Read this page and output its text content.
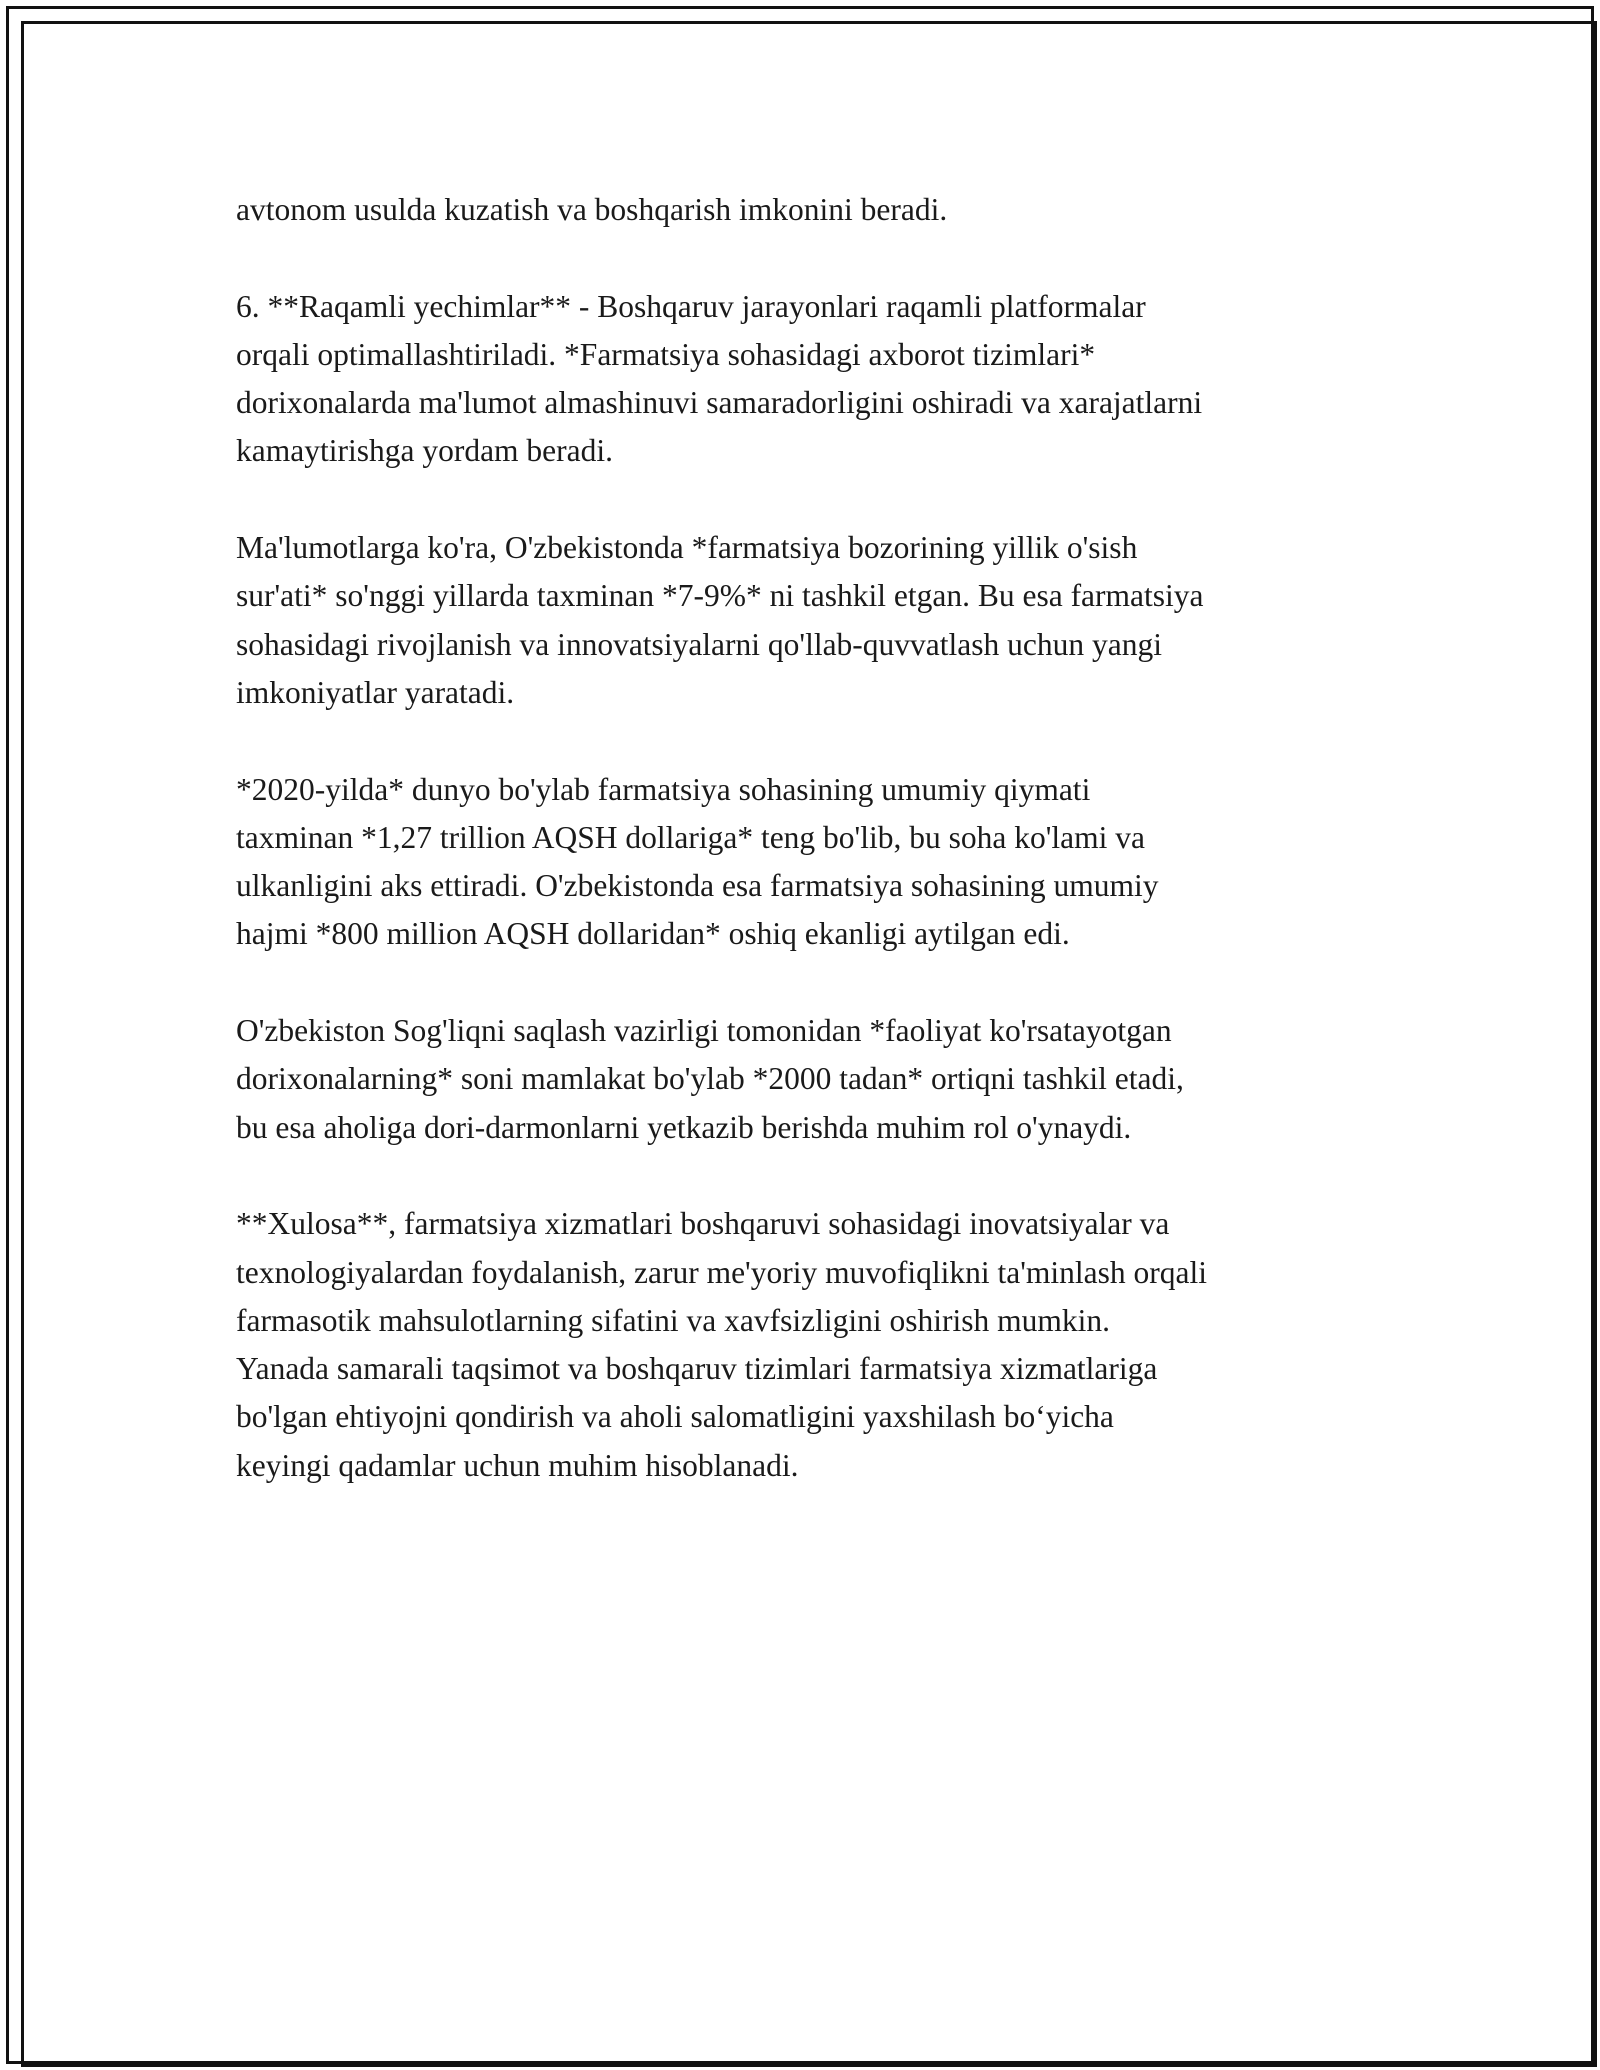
avtonom usulda kuzatish va boshqarish imkonini beradi.

6. **Raqamli yechimlar** - Boshqaruv jarayonlari raqamli platformalar
orqali optimallashtiriladi. *Farmatsiya sohasidagi axborot tizimlari*
dorixonalarda ma'lumot almashinuvi samaradorligini oshiradi va xarajatlarni
kamaytirishga yordam beradi.

Ma'lumotlarga ko'ra, O'zbekistonda *farmatsiya bozorining yillik o'sish
sur'ati* so'nggi yillarda taxminan *7-9%* ni tashkil etgan. Bu esa farmatsiya
sohasidagi rivojlanish va innovatsiyalarni qo'llab-quvvatlash uchun yangi
imkoniyatlar yaratadi.

*2020-yilda* dunyo bo'ylab farmatsiya sohasining umumiy qiymati
taxminan *1,27 trillion AQSH dollariga* teng bo'lib, bu soha ko'lami va
ulkanligini aks ettiradi. O'zbekistonda esa farmatsiya sohasining umumiy
hajmi *800 million AQSH dollaridan* oshiq ekanligi aytilgan edi.

O'zbekiston Sog'liqni saqlash vazirligi tomonidan *faoliyat ko'rsatayotgan
dorixonalarning* soni mamlakat bo'ylab *2000 tadan* ortiqni tashkil etadi,
bu esa aholiga dori-darmonlarni yetkazib berishda muhim rol o'ynaydi.

**Xulosa**, farmatsiya xizmatlari boshqaruvi sohasidagi inovatsiyalar va
texnologiyalardan foydalanish, zarur me'yoriy muvofiqlikni ta'minlash orqali
farmasotik mahsulotlarning sifatini va xavfsizligini oshirish mumkin.
Yanada samarali taqsimot va boshqaruv tizimlari farmatsiya xizmatlariga
bo'lgan ehtiyojni qondirish va aholi salomatligini yaxshilash bo‘yicha
keyingi qadamlar uchun muhim hisoblanadi.
